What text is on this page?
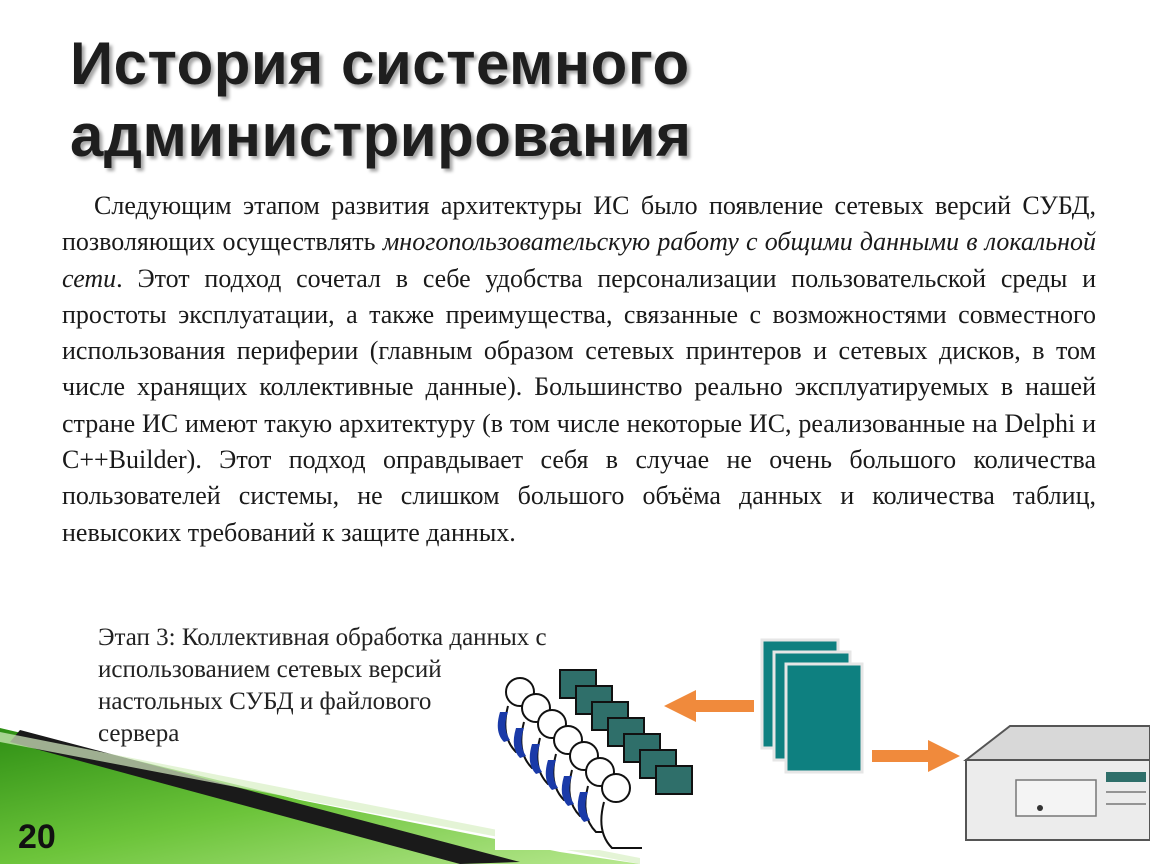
История системного администрирования
Следующим этапом развития архитектуры ИС было появление сетевых версий СУБД, позволяющих осуществлять многопользовательскую работу с общими данными в локальной сети. Этот подход сочетал в себе удобства персонализации пользовательской среды и простоты эксплуатации, а также преимущества, связанные с возможностями совместного использования периферии (главным образом сетевых принтеров и сетевых дисков, в том числе хранящих коллективные данные). Большинство реально эксплуатируемых в нашей стране ИС имеют такую архитектуру (в том числе некоторые ИС, реализованные на Delphi и C++Builder). Этот подход оправдывает себя в случае не очень большого количества пользователей системы, не слишком большого объёма данных и количества таблиц, невысоких требований к защите данных.
Этап 3: Коллективная обработка данных с
использованием сетевых версий
настольных СУБД и файлового
сервера
20
